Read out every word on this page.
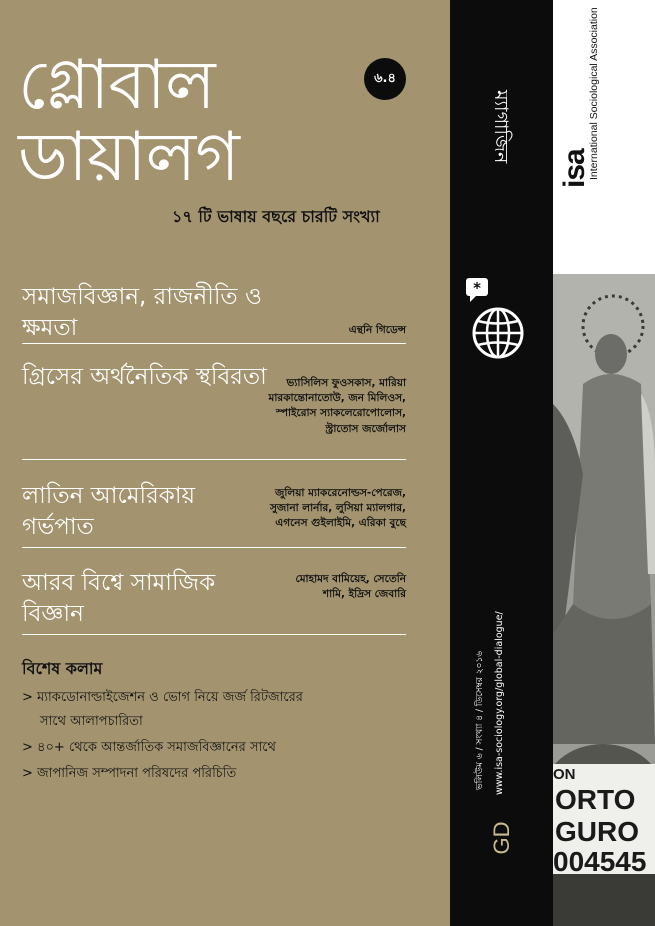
গ্লোবাল
ডায়ালগ
৬.৪
১৭ টি ভাষায় বছরে চারটি সংখ্যা
সমাজবিজ্ঞান, রাজনীতি ও ক্ষমতা	এন্থনি গিডেন্স
গ্রিসের অর্থনৈতিক স্থবিরতা	ভ্যাসিলিস ফুওসকাস, মারিয়া মারকান্তোনাতোউ, জন মিলিওস, স্পাইরোস স্যাকলেরোপোলোস, স্ট্রাতোস জর্জোলাস
লাতিন আমেরিকায় গর্ভপাত
জুলিয়া ম্যাকরেনোল্ডস-পেরেজ, সুজানা লার্নার, লুসিয়া ম্যালগার, এগনেস গুইলাইমি, এরিকা বুছে
আরব বিশ্বে সামাজিক বিজ্ঞান
মোহামদ বামিয়েহ, সেতেনি শামি, ইদ্রিস জেবারি
বিশেষ কলাম
> ম্যাকডোনাল্ডাইজেশন ও ভোগ নিয়ে জর্জ রিটজারের
সাথে আলাপচারিতা
> ৪০+ থেকে আন্তর্জাতিক সমাজবিজ্ঞানের সাথে
> জাপানিজ সম্পাদনা পরিষদের পরিচিতি
ম্যাগাজিন
*
ভলিউম ৬ / সংখ্যা ৪ / ডিসেম্বর ২০১৬ www.isa-sociology.org/global-dialogue/
GD
International Sociological Association
isa
ON
ORTO
GURO
004545
